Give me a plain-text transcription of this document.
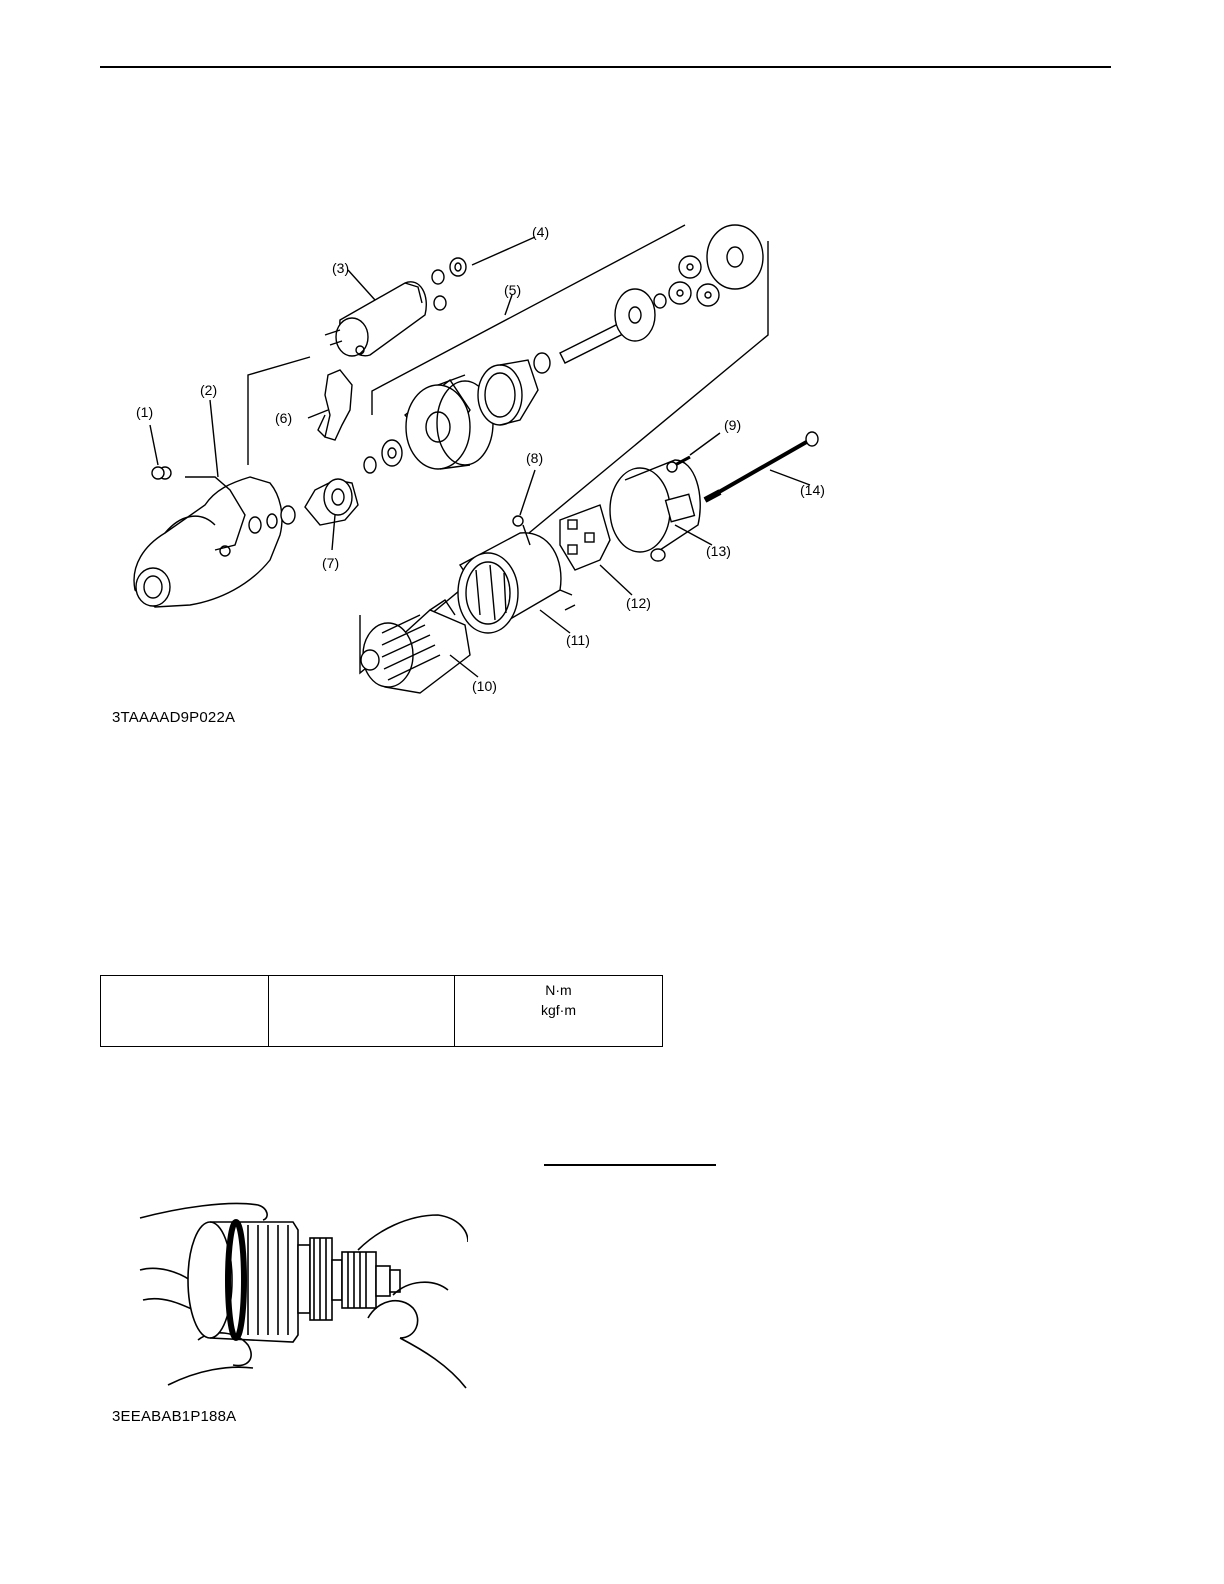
(1)
(2)
(3)
(4)
(5)
(6)
(7)
(8)
(9)
(10)
(11)
(12)
(13)
(14)
3TAAAAD9P022A

N·m
kgf·m
3EEABAB1P188A
